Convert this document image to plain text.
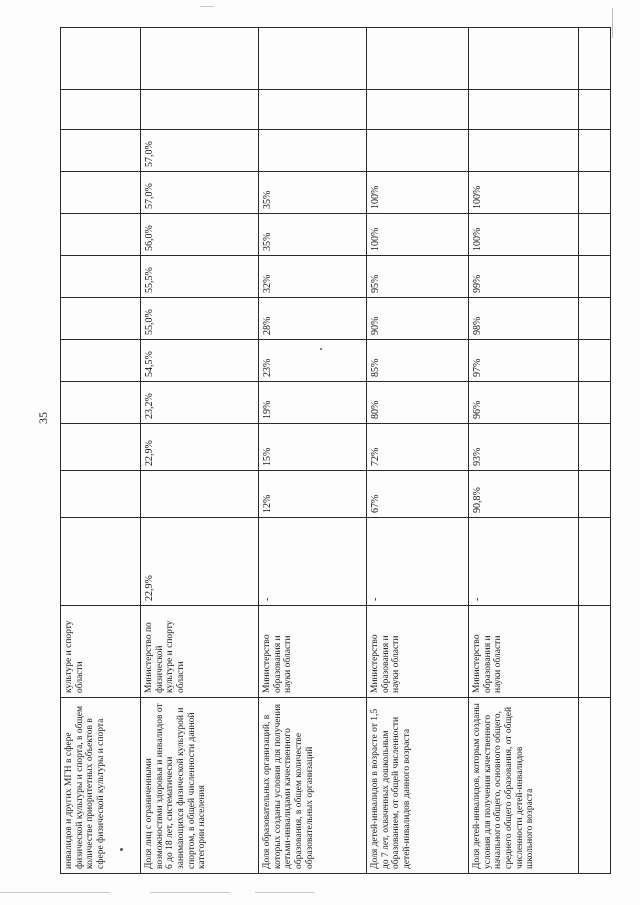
35
инвалидов и других МГН в сфере физической культуры и спорта, в общем количестве приоритетных объектов в сфере физической культуры и спорта	культуре и спорту области												

Доля лиц с ограниченными возможностями здоровья и инвалидов от 6 до 18 лет, систематически занимающихся физической культурой и спортом, в общей численности данной категории населения	Министерство по физической культуре и спорту области	22,9%		22,9%	23,2%	54,5%	55,0%	55,5%	56,0%	57,0%	57,0%		

Доля образовательных организаций, в которых созданы условия для получения детьми-инвалидами качественного образования, в общем количестве образовательных организаций	Министерство образования и науки области	-	12%	15%	19%	23%	28%	32%	35%	35%			

Доля детей-инвалидов в возрасте от 1,5 до 7 лет, охваченных дошкольным образованием, от общей численности детей-инвалидов данного возраста	Министерство образования и науки области	-	67%	72%	80%	85%	90%	95%	100%	100%			

Доля детей-инвалидов, которым созданы условия для получения качественного начального общего, основного общего, среднего общего образования, от общей численности детей-инвалидов школьного возраста	Министерство образования и науки области	-	90,8%	93%	96%	97%	98%	99%	100%	100%			
